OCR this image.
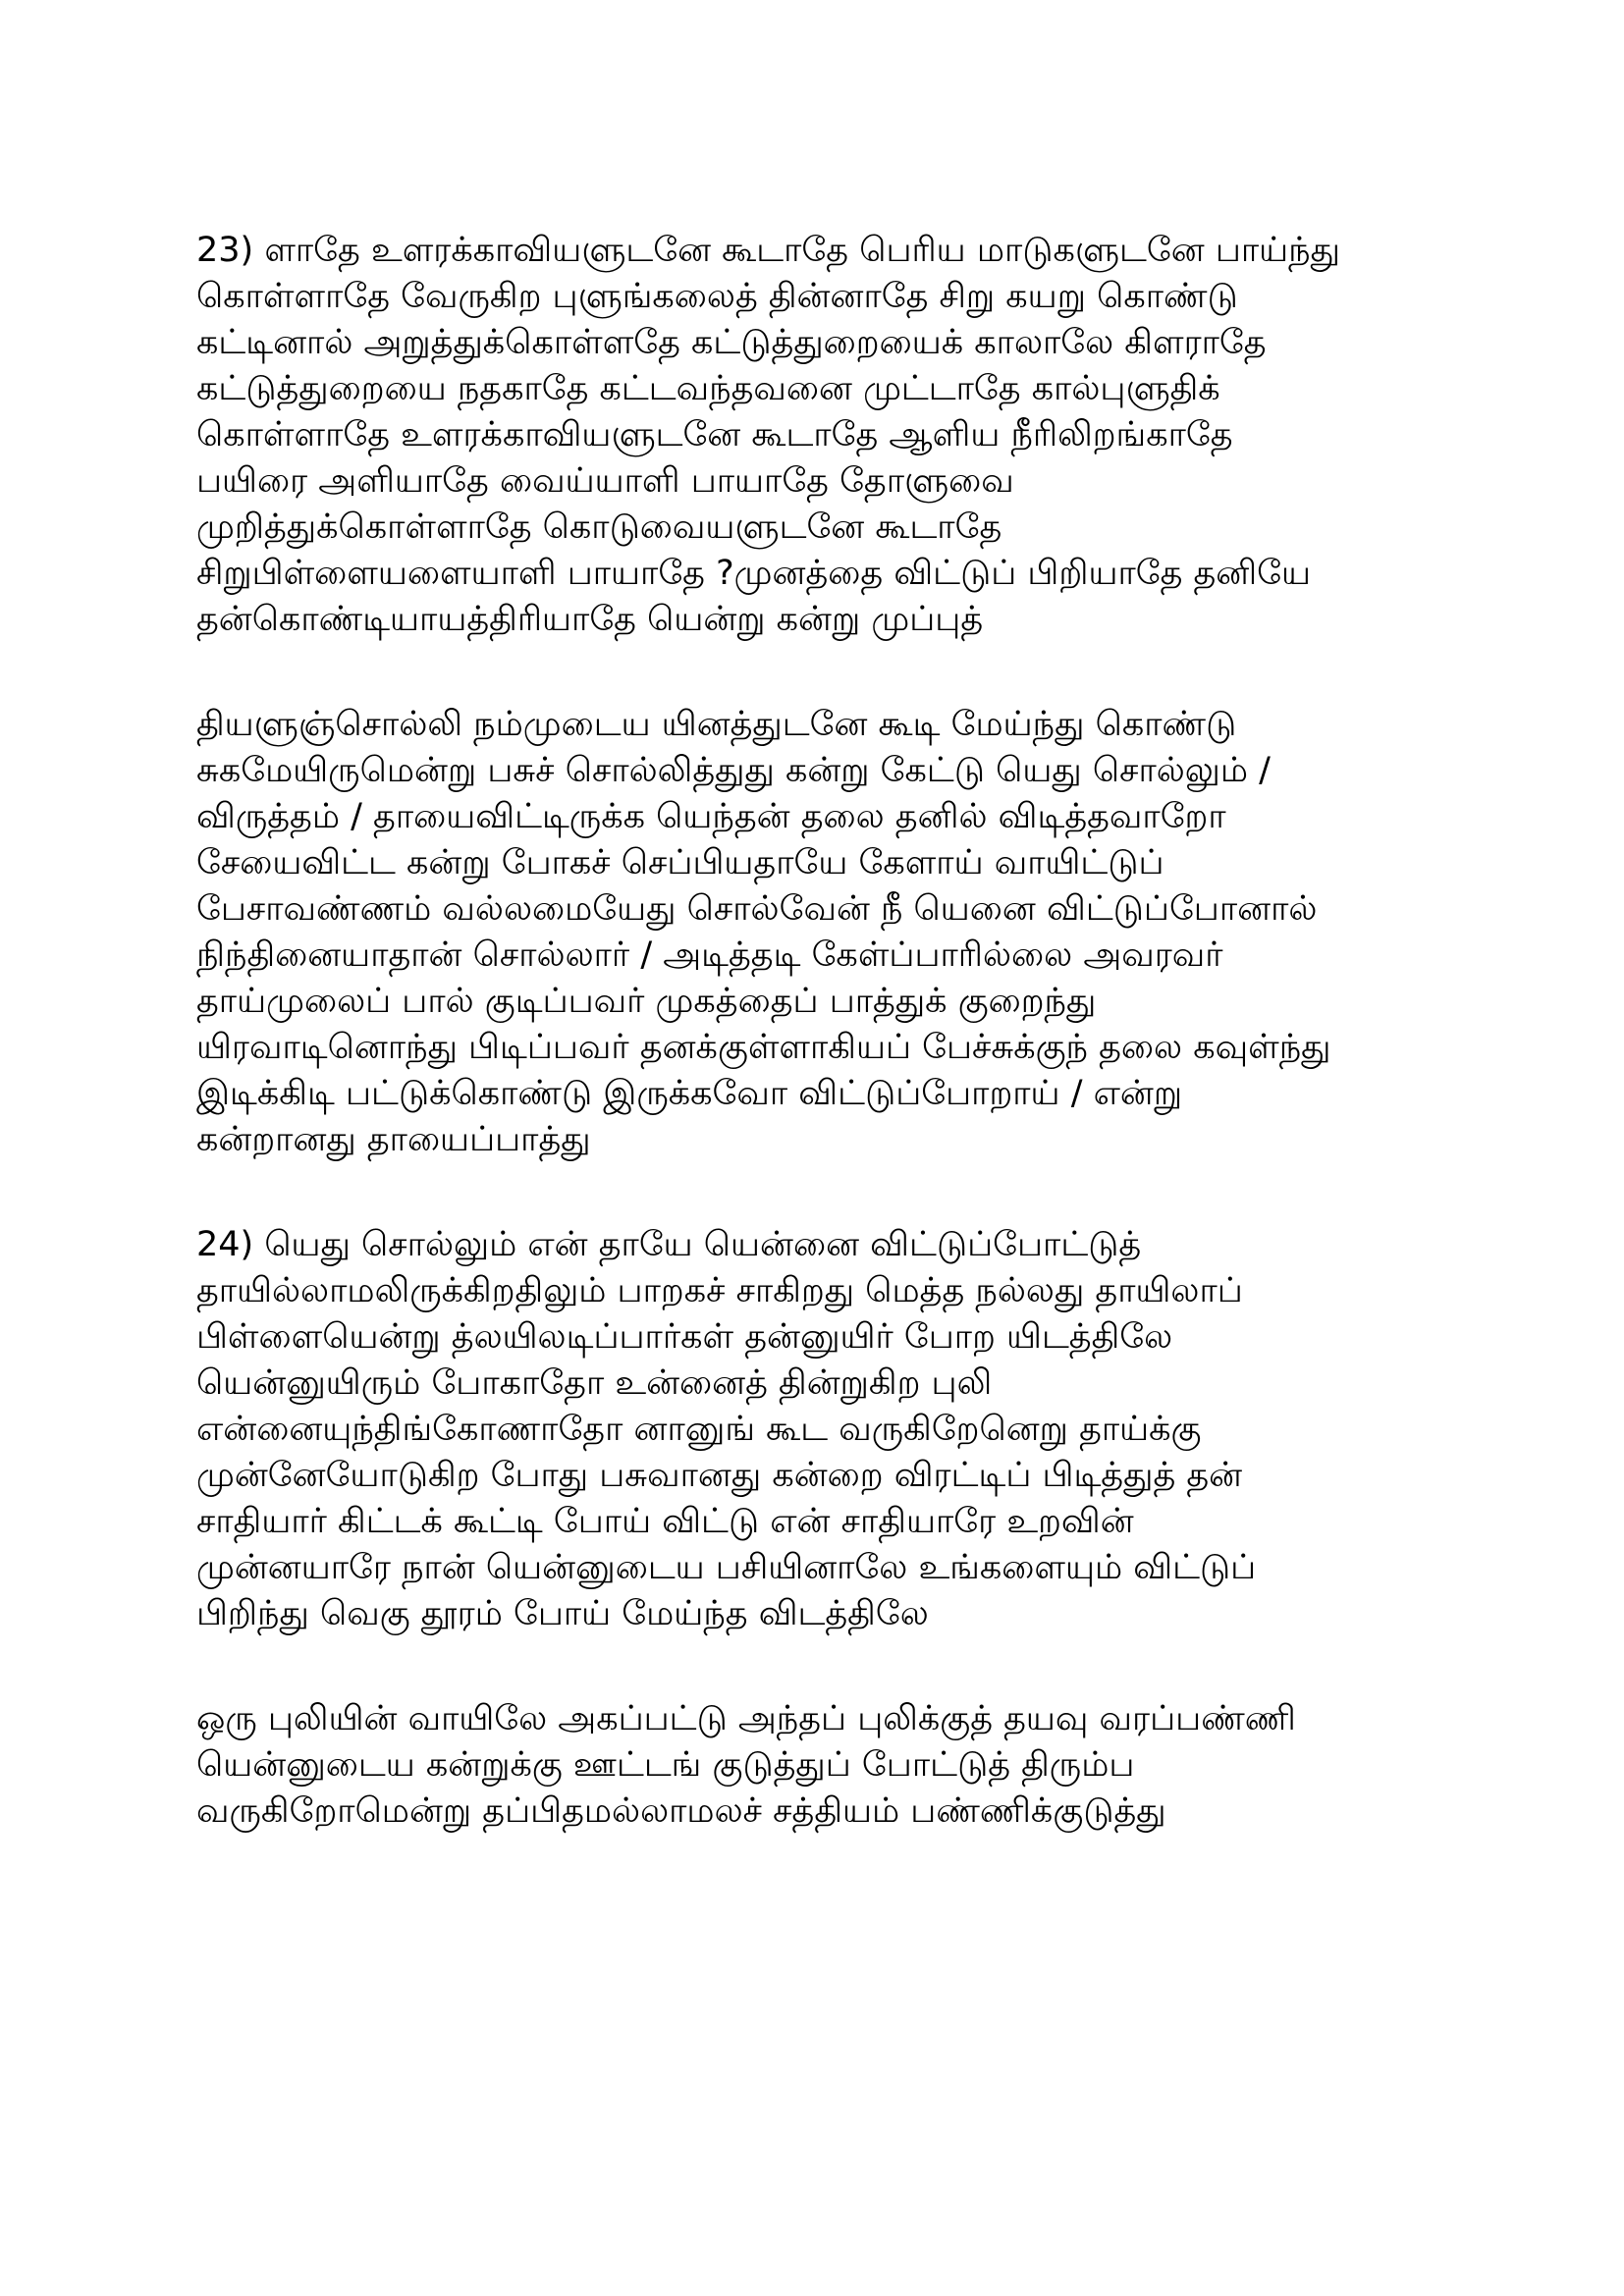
23) ளாதே உளரக்காவியளுடனே கூடாதே பெரிய மாடுகளுடனே பாய்ந்து
கொள்ளாதே வேருகிற புளுங்கலைத் தின்னாதே சிறு கயறு கொண்டு
கட்டினால் அறுத்துக்கொள்ளதே கட்டுத்துறையைக் காலாலே கிளராதே
கட்டுத்துறையை நதகாதே கட்டவந்தவனை முட்டாதே கால்புளுதிக்
கொள்ளாதே உளரக்காவியளுடனே கூடாதே ஆளிய நீரிலிறங்காதே
பயிரை அளியாதே வைய்யாளி பாயாதே தோளுவை
முறித்துக்கொள்ளாதே கொடுவையளுடனே கூடாதே
சிறுபிள்ளையளையாளி பாயாதே ?முனத்தை விட்டுப் பிறியாதே தனியே
தன்கொண்டியாயத்திரியாதே யென்று கன்று முப்புத்
தியளுஞ்சொல்லி நம்முடைய யினத்துடனே கூடி மேய்ந்து கொண்டு
சுகமேயிருமென்று பசுச் சொல்லித்துது கன்று கேட்டு யெது சொல்லும் /
விருத்தம் / தாயைவிட்டிருக்க யெந்தன் தலை தனில் விடித்தவாறோ
சேயைவிட்ட கன்று போகச் செப்பியதாயே கேளாய் வாயிட்டுப்
பேசாவண்ணம் வல்லமையேது சொல்வேன் நீ யெனை விட்டுப்போனால்
நிந்தினையாதான் சொல்லார் / அடித்தடி கேள்ப்பாரில்லை அவரவர்
தாய்முலைப் பால் குடிப்பவர் முகத்தைப் பாத்துக் குறைந்து
யிரவாடினொந்து பிடிப்பவர் தனக்குள்ளாகியப் பேச்சுக்குந் தலை கவுள்ந்து
இடிக்கிடி பட்டுக்கொண்டு இருக்கவோ விட்டுப்போறாய் / என்று
கன்றானது தாயைப்பாத்து
24) யெது சொல்லும் என் தாயே யென்னை விட்டுப்போட்டுத்
தாயில்லாமலிருக்கிறதிலும் பாறகச் சாகிறது மெத்த நல்லது தாயிலாப்
பிள்ளையென்று த்லயிலடிப்பார்கள் தன்னுயிர் போற யிடத்திலே
யென்னுயிரும் போகாதோ உன்னைத் தின்றுகிற புலி
என்னையுந்திங்கோணாதோ னானுங் கூட வருகிறேனெறு தாய்க்கு
முன்னேயோடுகிற போது பசுவானது கன்றை விரட்டிப் பிடித்துத் தன்
சாதியார் கிட்டக் கூட்டி போய் விட்டு என் சாதியாரே உறவின்
முன்னயாரே நான் யென்னுடைய பசியினாலே உங்களையும் விட்டுப்
பிறிந்து வெகு தூரம் போய் மேய்ந்த விடத்திலே
ஒரு புலியின் வாயிலே அகப்பட்டு அந்தப் புலிக்குத் தயவு வரப்பண்ணி
யென்னுடைய கன்றுக்கு ஊட்டங் குடுத்துப் போட்டுத் திரும்ப
வருகிறோமென்று தப்பிதமல்லாமலச் சத்தியம் பண்ணிக்குடுத்து
